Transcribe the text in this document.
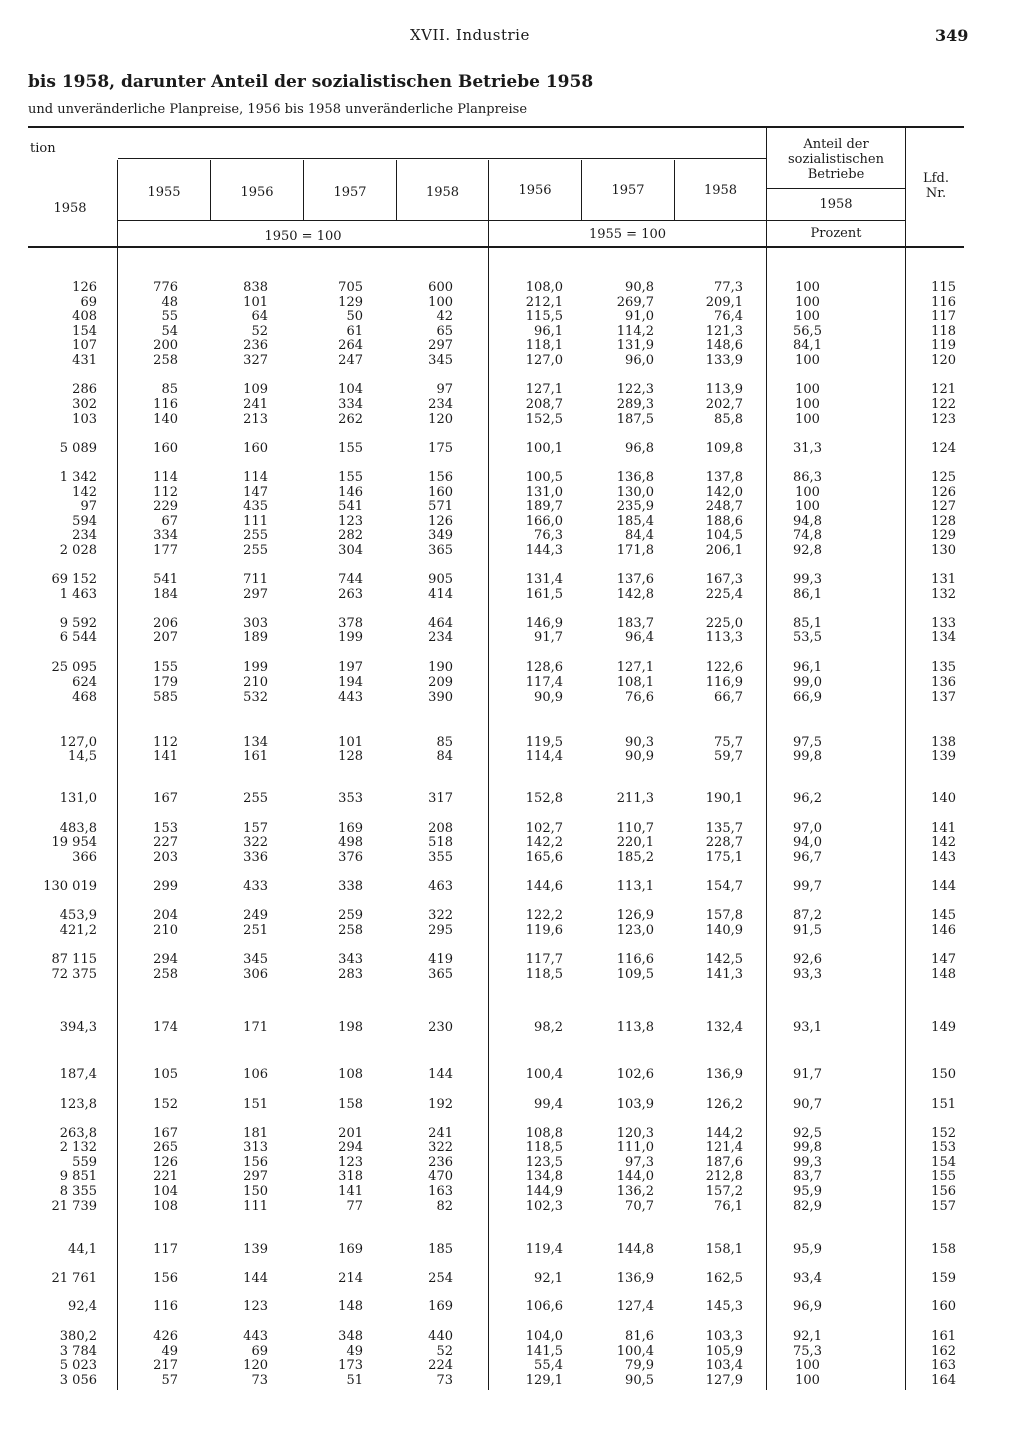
XVII. Industrie	349
bis 1958, darunter Anteil der sozialistischen Betriebe 1958
und unveränderliche Planpreise, 1956 bis 1958 unveränderliche Planpreise
tion
1958
1955	1956	1957	1958	1956	1957	1958
1950 = 100	1955 = 100
Anteil der sozialistischen Betriebe
1958
Prozent
Lfd. Nr.
126	776	838	705	600	108,0	90,8	77,3	100	115
69	48	101	129	100	212,1	269,7	209,1	100	116
408	55	64	50	42	115,5	91,0	76,4	100	117
154	54	52	61	65	96,1	114,2	121,3	56,5	118
107	200	236	264	297	118,1	131,9	148,6	84,1	119
431	258	327	247	345	127,0	96,0	133,9	100	120
286	85	109	104	97	127,1	122,3	113,9	100	121
302	116	241	334	234	208,7	289,3	202,7	100	122
103	140	213	262	120	152,5	187,5	85,8	100	123
5 089	160	160	155	175	100,1	96,8	109,8	31,3	124
1 342	114	114	155	156	100,5	136,8	137,8	86,3	125
142	112	147	146	160	131,0	130,0	142,0	100	126
97	229	435	541	571	189,7	235,9	248,7	100	127
594	67	111	123	126	166,0	185,4	188,6	94,8	128
234	334	255	282	349	76,3	84,4	104,5	74,8	129
2 028	177	255	304	365	144,3	171,8	206,1	92,8	130
69 152	541	711	744	905	131,4	137,6	167,3	99,3	131
1 463	184	297	263	414	161,5	142,8	225,4	86,1	132
9 592	206	303	378	464	146,9	183,7	225,0	85,1	133
6 544	207	189	199	234	91,7	96,4	113,3	53,5	134
25 095	155	199	197	190	128,6	127,1	122,6	96,1	135
624	179	210	194	209	117,4	108,1	116,9	99,0	136
468	585	532	443	390	90,9	76,6	66,7	66,9	137
127,0	112	134	101	85	119,5	90,3	75,7	97,5	138
14,5	141	161	128	84	114,4	90,9	59,7	99,8	139
131,0	167	255	353	317	152,8	211,3	190,1	96,2	140
483,8	153	157	169	208	102,7	110,7	135,7	97,0	141
19 954	227	322	498	518	142,2	220,1	228,7	94,0	142
366	203	336	376	355	165,6	185,2	175,1	96,7	143
130 019	299	433	338	463	144,6	113,1	154,7	99,7	144
453,9	204	249	259	322	122,2	126,9	157,8	87,2	145
421,2	210	251	258	295	119,6	123,0	140,9	91,5	146
87 115	294	345	343	419	117,7	116,6	142,5	92,6	147
72 375	258	306	283	365	118,5	109,5	141,3	93,3	148
394,3	174	171	198	230	98,2	113,8	132,4	93,1	149
187,4	105	106	108	144	100,4	102,6	136,9	91,7	150
123,8	152	151	158	192	99,4	103,9	126,2	90,7	151
263,8	167	181	201	241	108,8	120,3	144,2	92,5	152
2 132	265	313	294	322	118,5	111,0	121,4	99,8	153
559	126	156	123	236	123,5	97,3	187,6	99,3	154
9 851	221	297	318	470	134,8	144,0	212,8	83,7	155
8 355	104	150	141	163	144,9	136,2	157,2	95,9	156
21 739	108	111	77	82	102,3	70,7	76,1	82,9	157
44,1	117	139	169	185	119,4	144,8	158,1	95,9	158
21 761	156	144	214	254	92,1	136,9	162,5	93,4	159
92,4	116	123	148	169	106,6	127,4	145,3	96,9	160
380,2	426	443	348	440	104,0	81,6	103,3	92,1	161
3 784	49	69	49	52	141,5	100,4	105,9	75,3	162
5 023	217	120	173	224	55,4	79,9	103,4	100	163
3 056	57	73	51	73	129,1	90,5	127,9	100	164
